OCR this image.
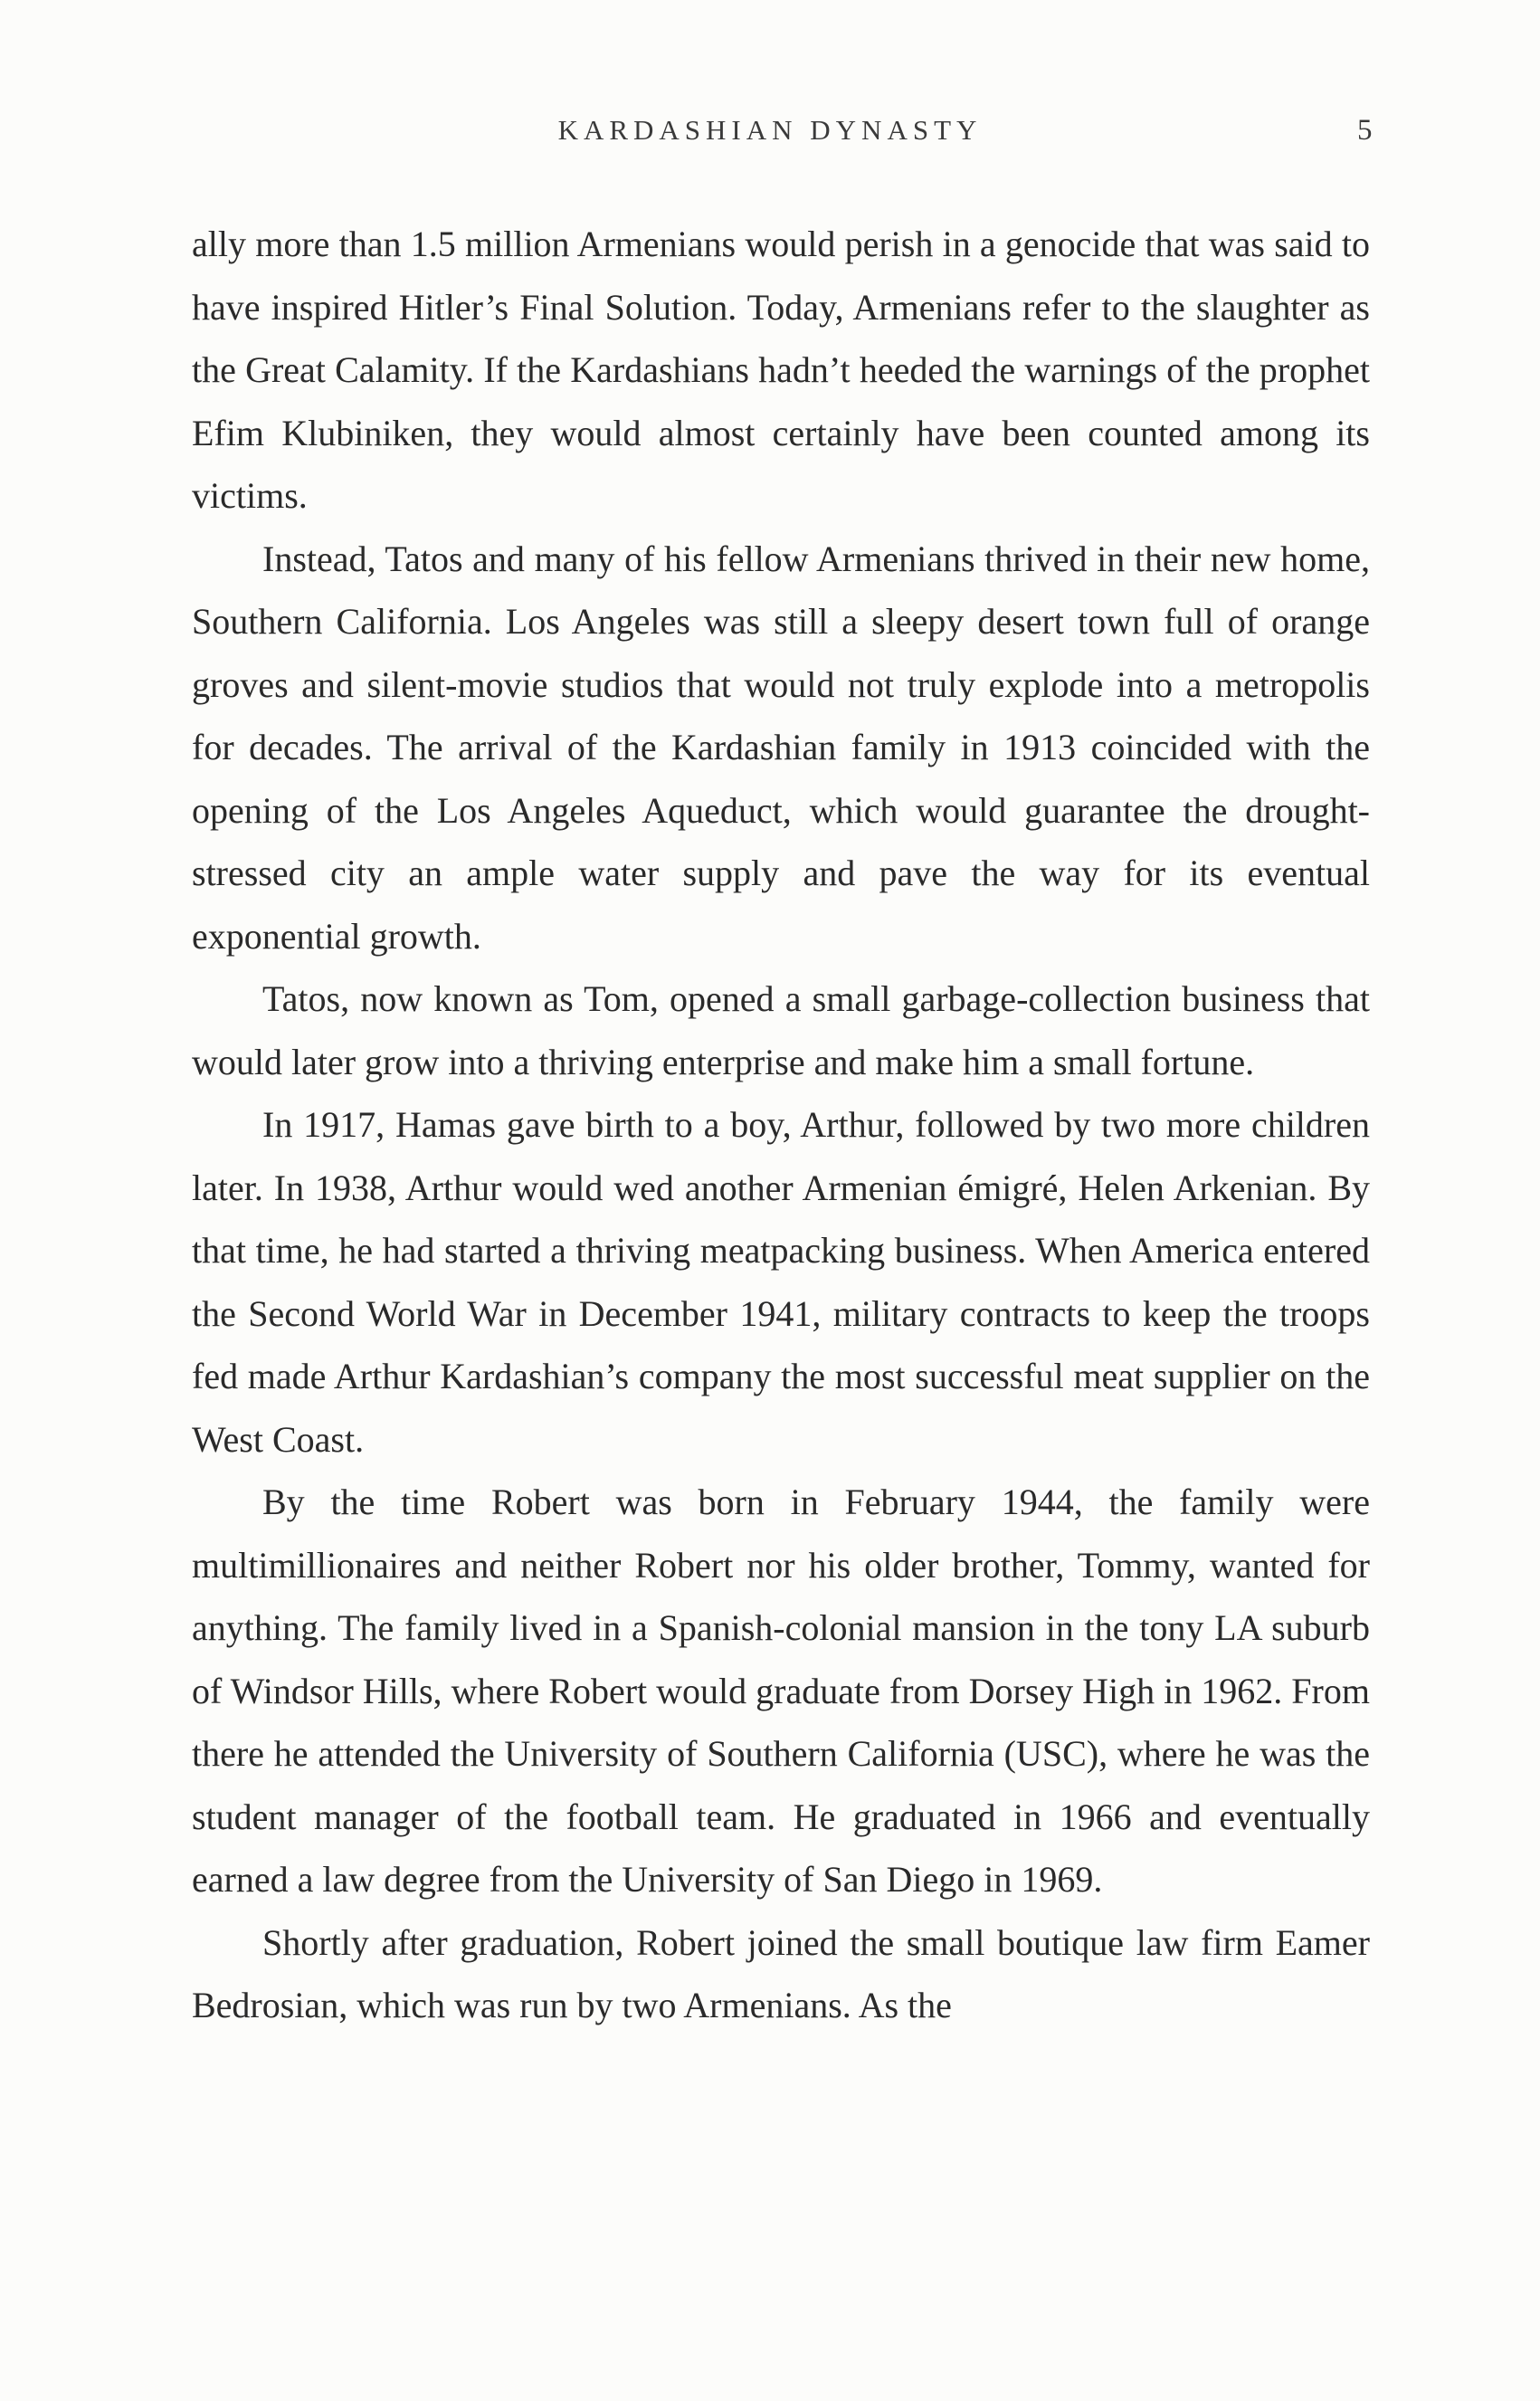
KARDASHIAN DYNASTY	5

ally more than 1.5 million Armenians would perish in a genocide that was said to have inspired Hitler’s Final Solution. Today, Armenians refer to the slaughter as the Great Calamity. If the Kardashians hadn’t heeded the warnings of the prophet Efim Klubiniken, they would almost certainly have been counted among its victims.

Instead, Tatos and many of his fellow Armenians thrived in their new home, Southern California. Los Angeles was still a sleepy desert town full of orange groves and silent-movie studios that would not truly explode into a metropolis for decades. The arrival of the Kardashian family in 1913 coincided with the opening of the Los Angeles Aqueduct, which would guarantee the drought-stressed city an ample water supply and pave the way for its eventual exponential growth.

Tatos, now known as Tom, opened a small garbage-collection business that would later grow into a thriving enterprise and make him a small fortune.

In 1917, Hamas gave birth to a boy, Arthur, followed by two more children later. In 1938, Arthur would wed another Armenian émigré, Helen Arkenian. By that time, he had started a thriving meatpacking business. When America entered the Second World War in December 1941, military contracts to keep the troops fed made Arthur Kardashian’s company the most successful meat supplier on the West Coast.

By the time Robert was born in February 1944, the family were multimillionaires and neither Robert nor his older brother, Tommy, wanted for anything. The family lived in a Spanish-colonial mansion in the tony LA suburb of Windsor Hills, where Robert would graduate from Dorsey High in 1962. From there he attended the University of Southern California (USC), where he was the student manager of the football team. He graduated in 1966 and eventually earned a law degree from the University of San Diego in 1969.

Shortly after graduation, Robert joined the small boutique law firm Eamer Bedrosian, which was run by two Armenians. As the
